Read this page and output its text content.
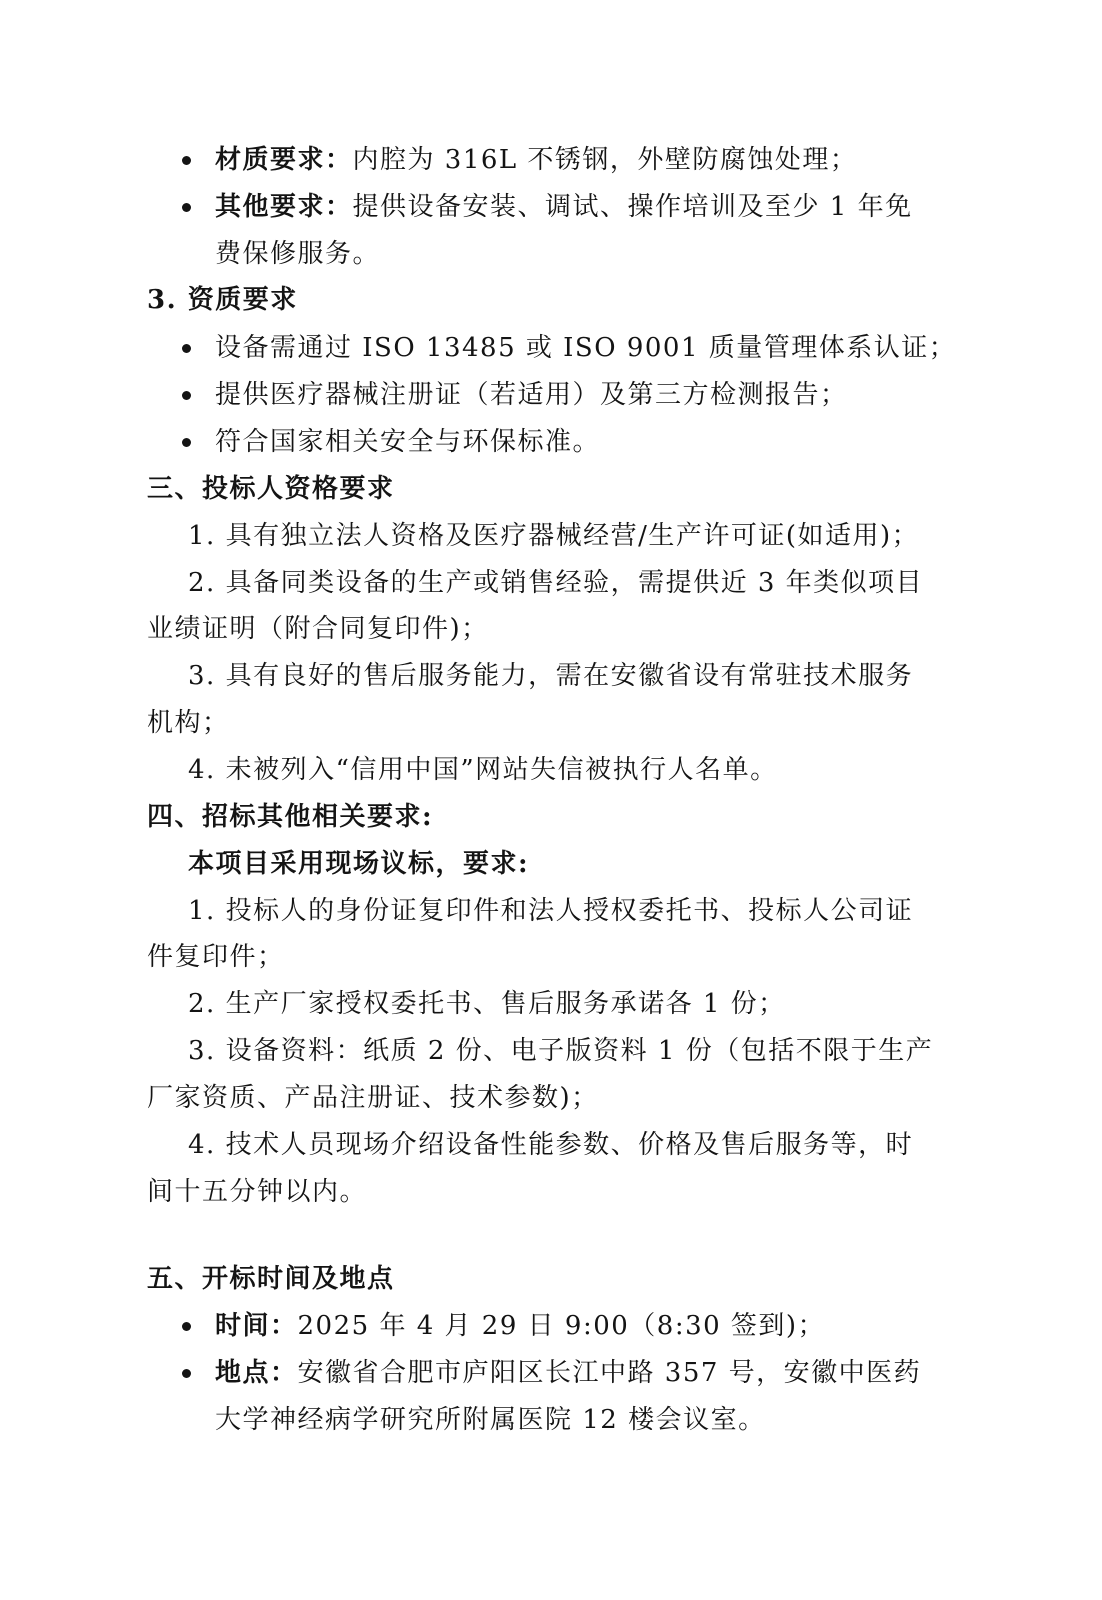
材质要求：内腔为 316L 不锈钢，外壁防腐蚀处理；
其他要求：提供设备安装、调试、操作培训及至少 1 年免
费保修服务。
3. 资质要求
设备需通过 ISO 13485 或 ISO 9001 质量管理体系认证；
提供医疗器械注册证（若适用）及第三方检测报告；
符合国家相关安全与环保标准。
三、投标人资格要求
1. 具有独立法人资格及医疗器械经营/生产许可证(如适用)；
2. 具备同类设备的生产或销售经验，需提供近 3 年类似项目
业绩证明（附合同复印件)；
3. 具有良好的售后服务能力，需在安徽省设有常驻技术服务
机构；
4. 未被列入“信用中国”网站失信被执行人名单。
四、招标其他相关要求:
本项目采用现场议标，要求:
1. 投标人的身份证复印件和法人授权委托书、投标人公司证
件复印件；
2. 生产厂家授权委托书、售后服务承诺各 1 份；
3. 设备资料：纸质 2 份、电子版资料 1 份（包括不限于生产
厂家资质、产品注册证、技术参数)；
4. 技术人员现场介绍设备性能参数、价格及售后服务等，时
间十五分钟以内。
五、开标时间及地点
时间：2025 年 4 月 29 日 9:00（8:30 签到)；
地点：安徽省合肥市庐阳区长江中路 357 号，安徽中医药
大学神经病学研究所附属医院 12 楼会议室。
